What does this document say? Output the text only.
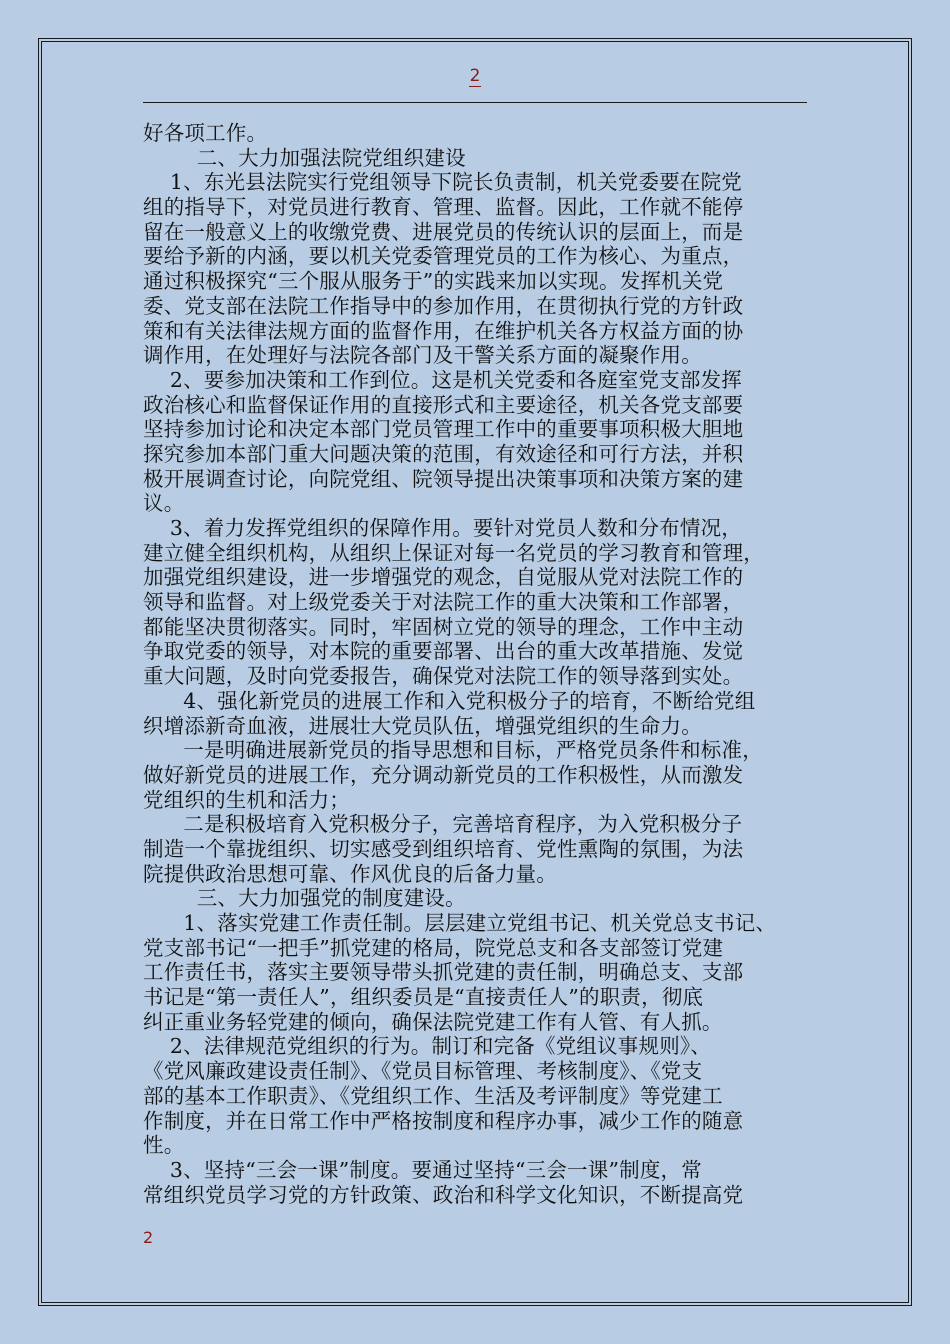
2
好各项工作。
二、大力加强法院党组织建设
1、东光县法院实行党组领导下院长负责制，机关党委要在院党
组的指导下，对党员进行教育、管理、监督。因此，工作就不能停
留在一般意义上的收缴党费、进展党员的传统认识的层面上，而是
要给予新的内涵，要以机关党委管理党员的工作为核心、为重点，
通过积极探究“三个服从服务于”的实践来加以实现。发挥机关党
委、党支部在法院工作指导中的参加作用，在贯彻执行党的方针政
策和有关法律法规方面的监督作用，在维护机关各方权益方面的协
调作用，在处理好与法院各部门及干警关系方面的凝聚作用。
2、要参加决策和工作到位。这是机关党委和各庭室党支部发挥
政治核心和监督保证作用的直接形式和主要途径，机关各党支部要
坚持参加讨论和决定本部门党员管理工作中的重要事项积极大胆地
探究参加本部门重大问题决策的范围，有效途径和可行方法，并积
极开展调查讨论，向院党组、院领导提出决策事项和决策方案的建
议。
3、着力发挥党组织的保障作用。要针对党员人数和分布情况，
建立健全组织机构，从组织上保证对每一名党员的学习教育和管理，
加强党组织建设，进一步增强党的观念，自觉服从党对法院工作的
领导和监督。对上级党委关于对法院工作的重大决策和工作部署，
都能坚决贯彻落实。同时，牢固树立党的领导的理念，工作中主动
争取党委的领导，对本院的重要部署、出台的重大改革措施、发觉
重大问题，及时向党委报告，确保党对法院工作的领导落到实处。
4、强化新党员的进展工作和入党积极分子的培育，不断给党组
织增添新奇血液，进展壮大党员队伍，增强党组织的生命力。
一是明确进展新党员的指导思想和目标，严格党员条件和标准，
做好新党员的进展工作，充分调动新党员的工作积极性，从而激发
党组织的生机和活力；
二是积极培育入党积极分子，完善培育程序，为入党积极分子
制造一个靠拢组织、切实感受到组织培育、党性熏陶的氛围，为法
院提供政治思想可靠、作风优良的后备力量。
三、大力加强党的制度建设。
1、落实党建工作责任制。层层建立党组书记、机关党总支书记、
党支部书记“一把手”抓党建的格局，院党总支和各支部签订党建
工作责任书，落实主要领导带头抓党建的责任制，明确总支、支部
书记是“第一责任人”，组织委员是“直接责任人”的职责，彻底
纠正重业务轻党建的倾向，确保法院党建工作有人管、有人抓。
2、法律规范党组织的行为。制订和完备《党组议事规则》、
《党风廉政建设责任制》、《党员目标管理、考核制度》、《党支
部的基本工作职责》、《党组织工作、生活及考评制度》等党建工
作制度，并在日常工作中严格按制度和程序办事，减少工作的随意
性。
3、坚持“三会一课”制度。要通过坚持“三会一课”制度，常
常组织党员学习党的方针政策、政治和科学文化知识，不断提高党
2
